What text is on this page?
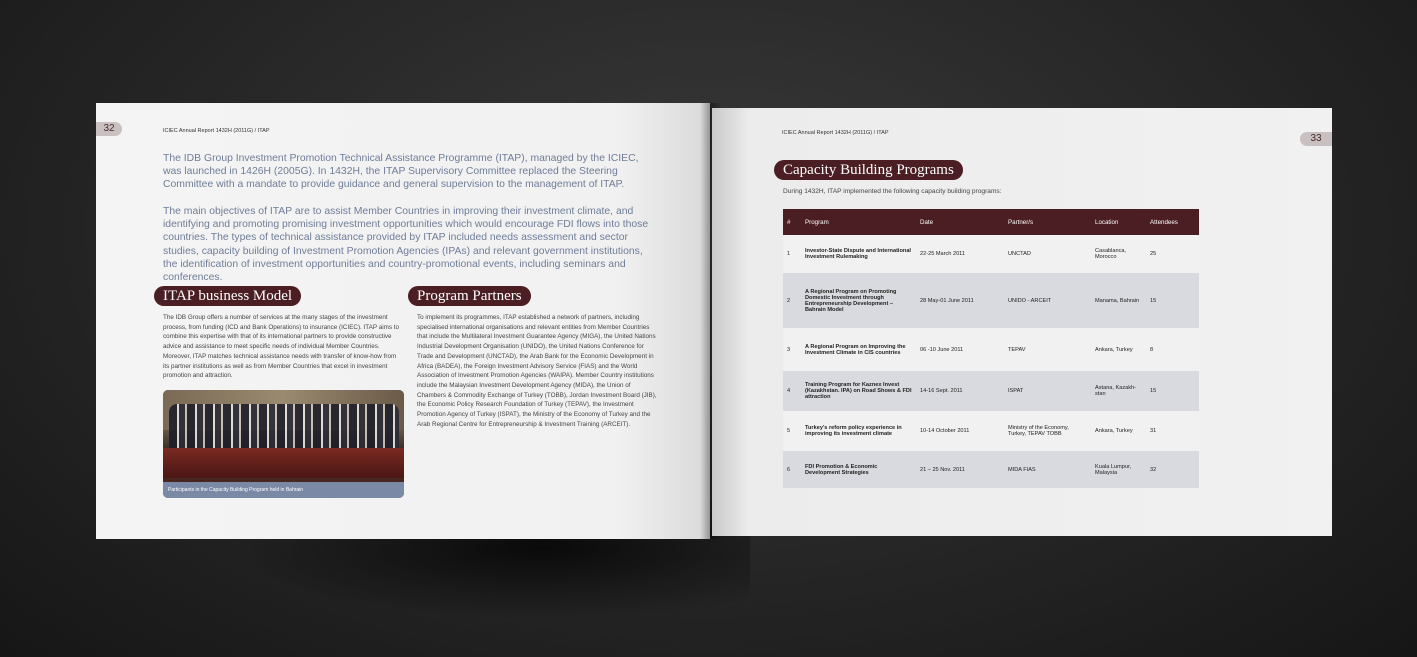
32	ICIEC Annual Report 1432H (2011G) / ITAP
The IDB Group Investment Promotion Technical Assistance Programme (ITAP), managed by the ICIEC, was launched in 1426H (2005G). In 1432H, the ITAP Supervisory Committee replaced the Steering Committee with a mandate to provide guidance and general supervision to the management of ITAP.
The main objectives of ITAP are to assist Member Countries in improving their investment climate, and identifying and promoting promising investment opportunities which would encourage FDI flows into those countries. The types of technical assistance provided by ITAP included needs assessment and sector studies, capacity building of Investment Promotion Agencies (IPAs) and relevant government institutions, the identification of investment opportunities and country-promotional events, including seminars and conferences.
ITAP business Model
The IDB Group offers a number of services at the many stages of the investment process, from funding (ICD and Bank Operations) to insurance (ICIEC). ITAP aims to combine this expertise with that of its international partners to provide constructive advice and assistance to meet specific needs of individual Member Countries. Moreover, ITAP matches technical assistance needs with transfer of know-how from its partner institutions as well as from Member Countries that excel in investment promotion and attraction.
Participants in the Capacity Building Program held in Bahrain
Program Partners
To implement its programmes, ITAP established a network of partners, including specialised international organisations and relevant entities from Member Countries that include the Multilateral Investment Guarantee Agency (MIGA), the United Nations Industrial Development Organisation (UNIDO), the United Nations Conference for Trade and Development (UNCTAD), the Arab Bank for the Economic Development in Africa (BADEA), the Foreign Investment Advisory Service (FIAS) and the World Association of Investment Promotion Agencies (WAIPA). Member Country institutions include the Malaysian Investment Development Agency (MIDA), the Union of Chambers & Commodity Exchange of Turkey (TOBB), Jordan Investment Board (JIB), the Economic Policy Research Foundation of Turkey (TEPAV), the Investment Promotion Agency of Turkey (ISPAT), the Ministry of the Economy of Turkey and the Arab Regional Centre for Entrepreneurship & Investment Training (ARCEIT).
ICIEC Annual Report 1432H (2011G) / ITAP	33
Capacity Building Programs
During 1432H, ITAP implemented the following capacity building programs:
#	Program	Date	Partner/s	Location	Attendees
1	Investor-State Dispute and International Investment Rulemaking	22-25 March 2011	UNCTAD	Casablanca, Morocco	25
2	A Regional Program on Promoting Domestic Investment through Entrepreneurship Development – Bahrain Model	28 May-01 June 2011	UNIDO - ARCEIT	Manama, Bahrain	15
3	A Regional Program on Improving the Investment Climate in CIS countries	06 -10 June 2011	TEPAV	Ankara, Turkey	8
4	Training Program for Kaznex Invest (Kazakhstan. IPA) on Road Shows & FDI attraction	14-16 Sept. 2011	ISPAT	Astana, Kazakh-stan	15
5	Turkey’s reform policy experience in improving its investment climate	10-14 October 2011	Ministry of the Economy, Turkey, TEPAV TOBB	Ankara, Turkey	31
6	FDI Promotion & Economic Development Strategies	21 – 25 Nov. 2011	MIDA FIAS	Kuala Lumpur, Malaysia	32
